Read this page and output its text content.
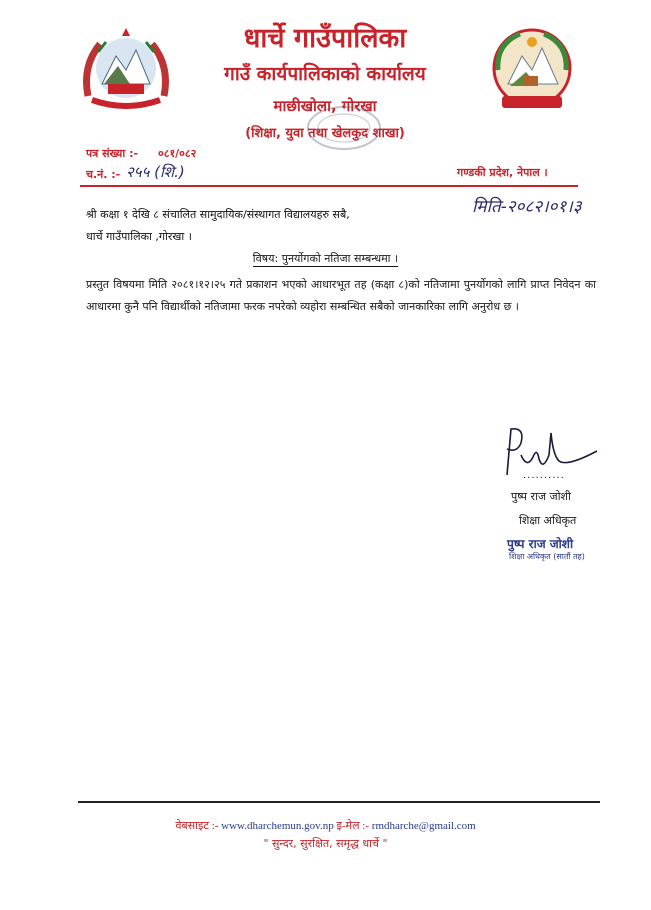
धार्चे गाउँपालिका
गाउँ कार्यपालिकाको कार्यालय
माछीखोला, गोरखा
(शिक्षा, युवा तथा खेलकुद शाखा)
पत्र संख्या :- ०८१/०८२
च.नं. :- २५५ (शि.)	गण्डकी प्रदेश, नेपाल ।
मिति-२०८२।०१।३
श्री कक्षा १ देखि ८ संचालित सामुदायिक/संस्थागत विद्यालयहरु सबै,
धार्चे गाउँपालिका ,गोरखा ।
विषय: पुनर्योगको नतिजा सम्बन्धमा ।
प्रस्तुत विषयमा मिति २०८१।१२।२५ गते प्रकाशन भएको आधारभूत तह (कक्षा ८)को नतिजामा पुनर्योगको लागि प्राप्त निवेदन का आधारमा कुनै पनि विद्यार्थीको नतिजामा फरक नपरेको व्यहोरा सम्बन्धित सबैको जानकारिका लागि अनुरोध छ ।
..........
पुष्प राज जोशी
शिक्षा अधिकृत
पुष्प राज जोशी
शिक्षा अधिकृत (सातौं तह)
वेबसाइट :- www.dharchemun.gov.np इ-मेल :- rmdharche@gmail.com
" सुन्दर, सुरक्षित, समृद्ध धार्चे "
